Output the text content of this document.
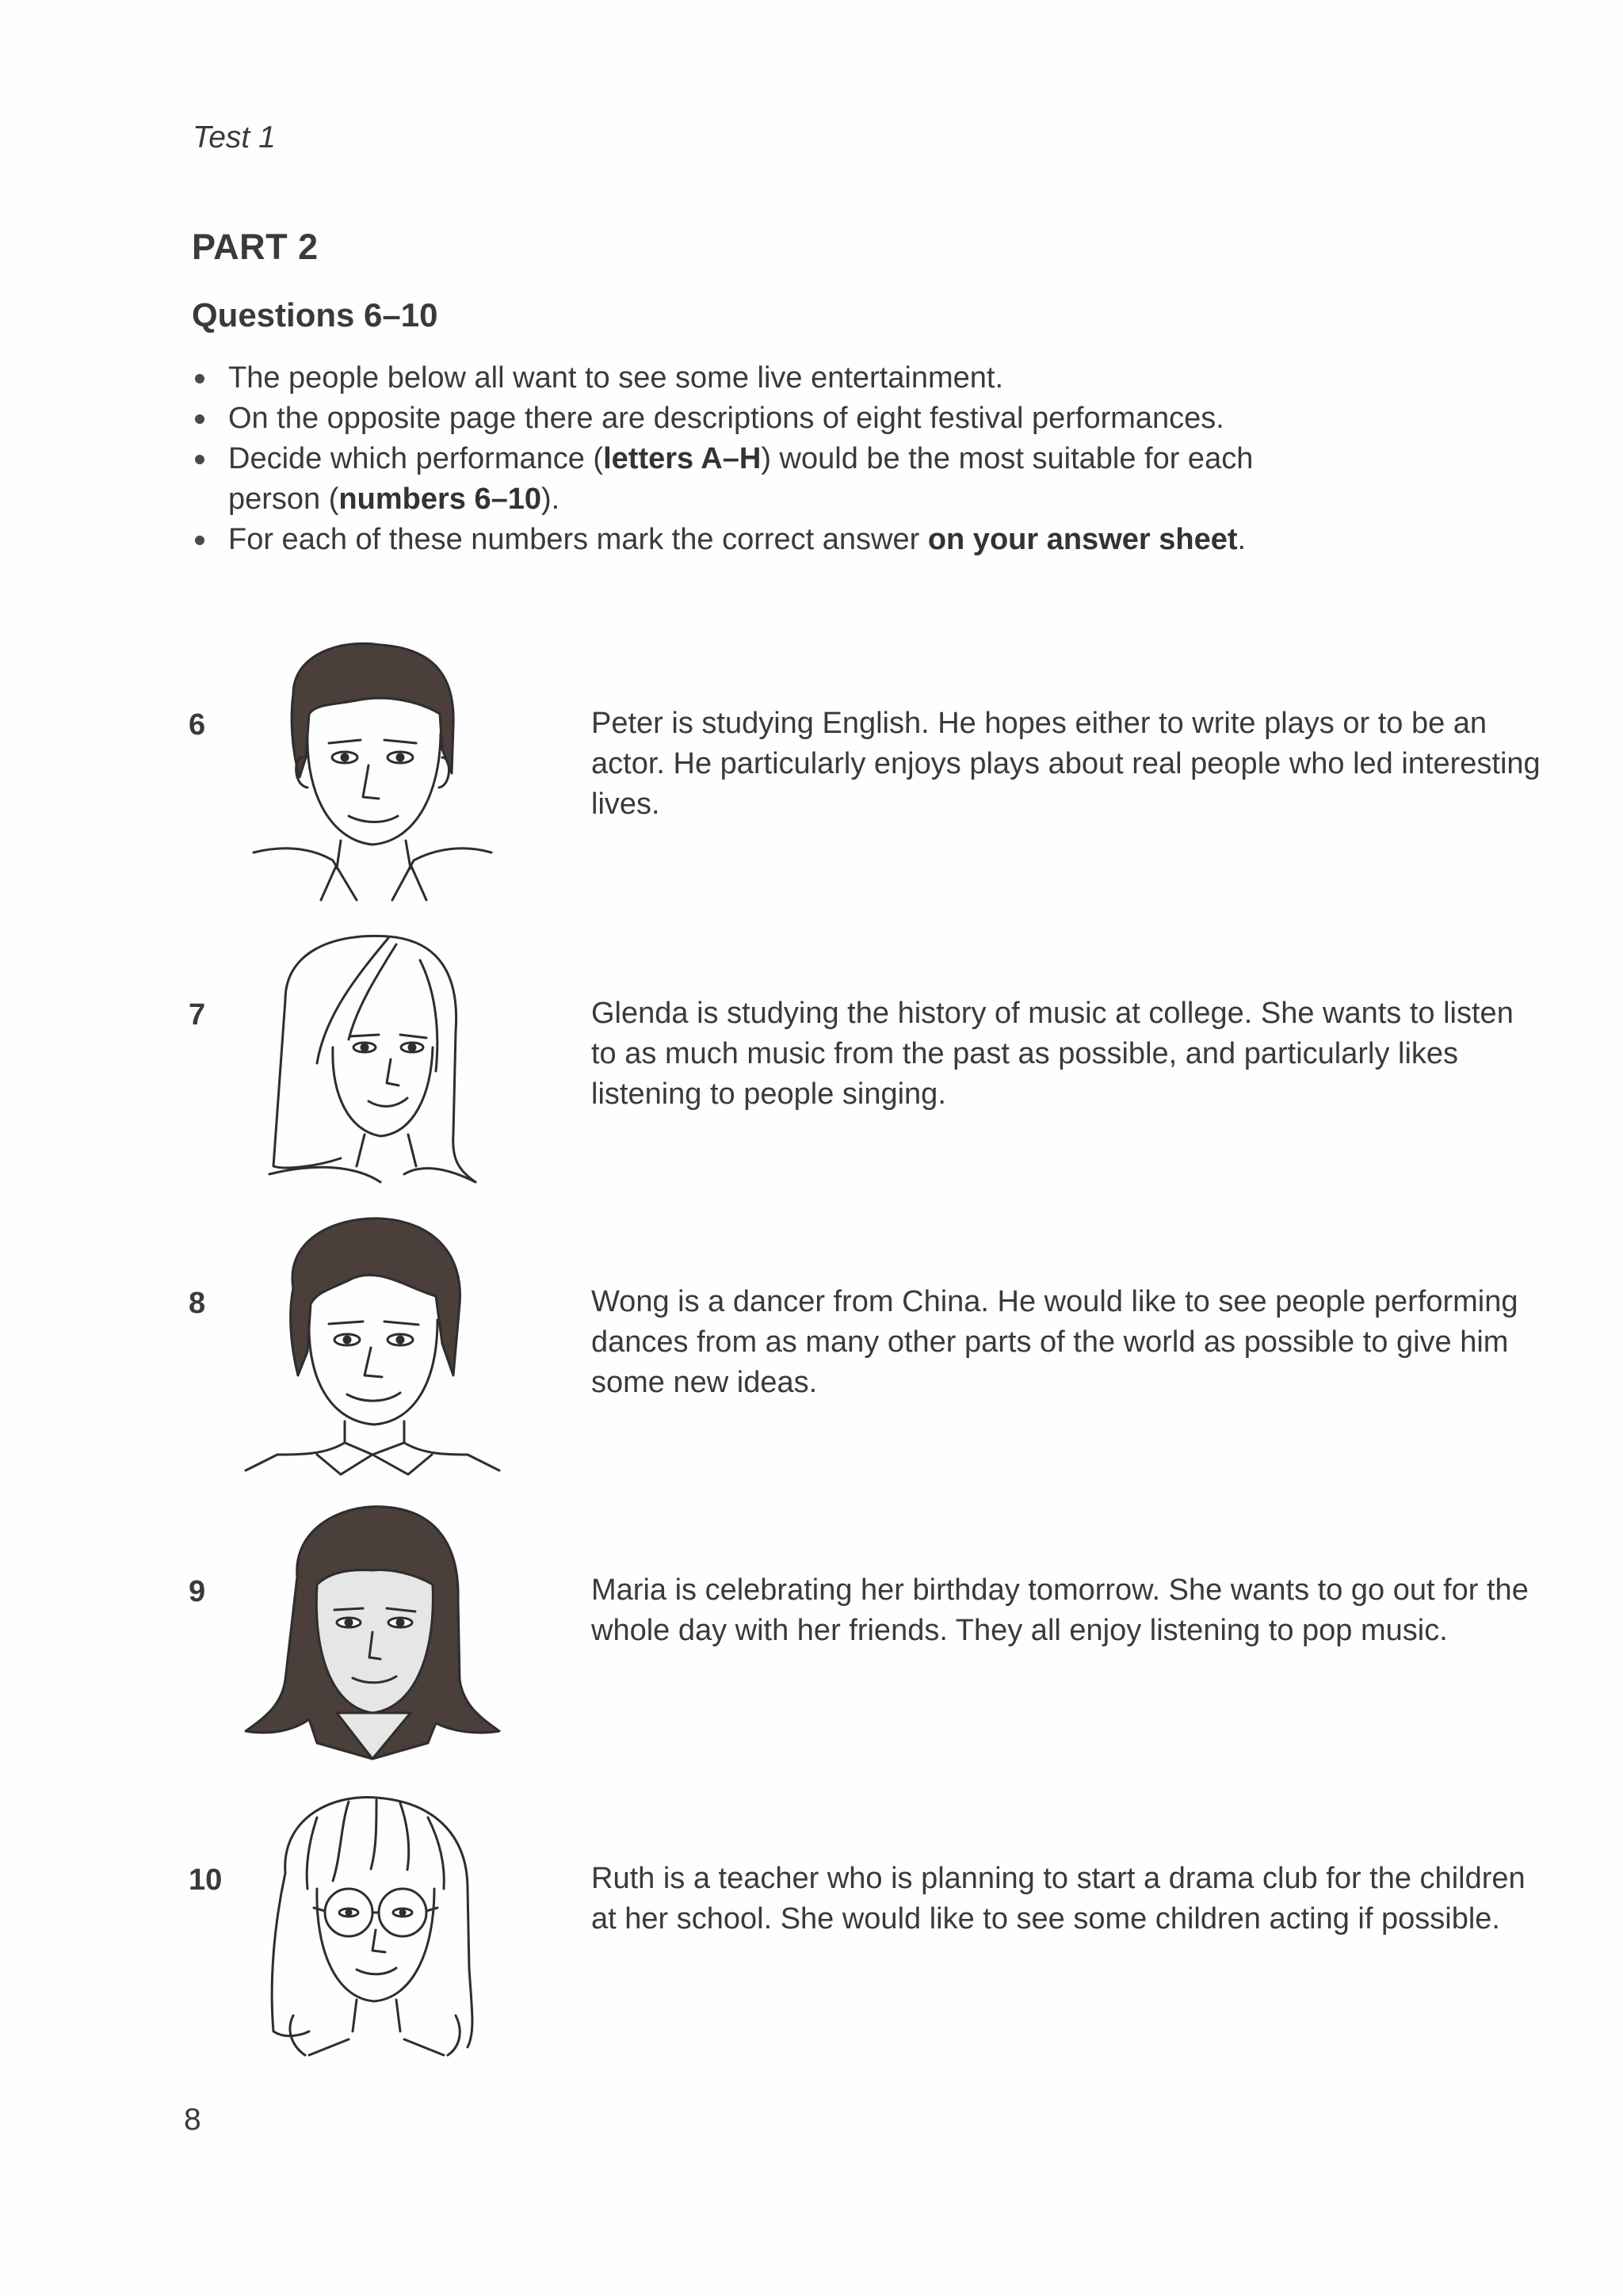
Test 1
PART 2
Questions 6–10
The people below all want to see some live entertainment.
On the opposite page there are descriptions of eight festival performances.
Decide which performance (letters A–H) would be the most suitable for each
person (numbers 6–10).
For each of these numbers mark the correct answer on your answer sheet.
6	Peter is studying English. He hopes either to write plays or to be an actor. He particularly enjoys plays about real people who led interesting lives.
7	Glenda is studying the history of music at college. She wants to listen to as much music from the past as possible, and particularly likes listening to people singing.
8	Wong is a dancer from China. He would like to see people performing dances from as many other parts of the world as possible to give him some new ideas.
9	Maria is celebrating her birthday tomorrow. She wants to go out for the whole day with her friends. They all enjoy listening to pop music.
10	Ruth is a teacher who is planning to start a drama club for the children at her school. She would like to see some children acting if possible.
8
